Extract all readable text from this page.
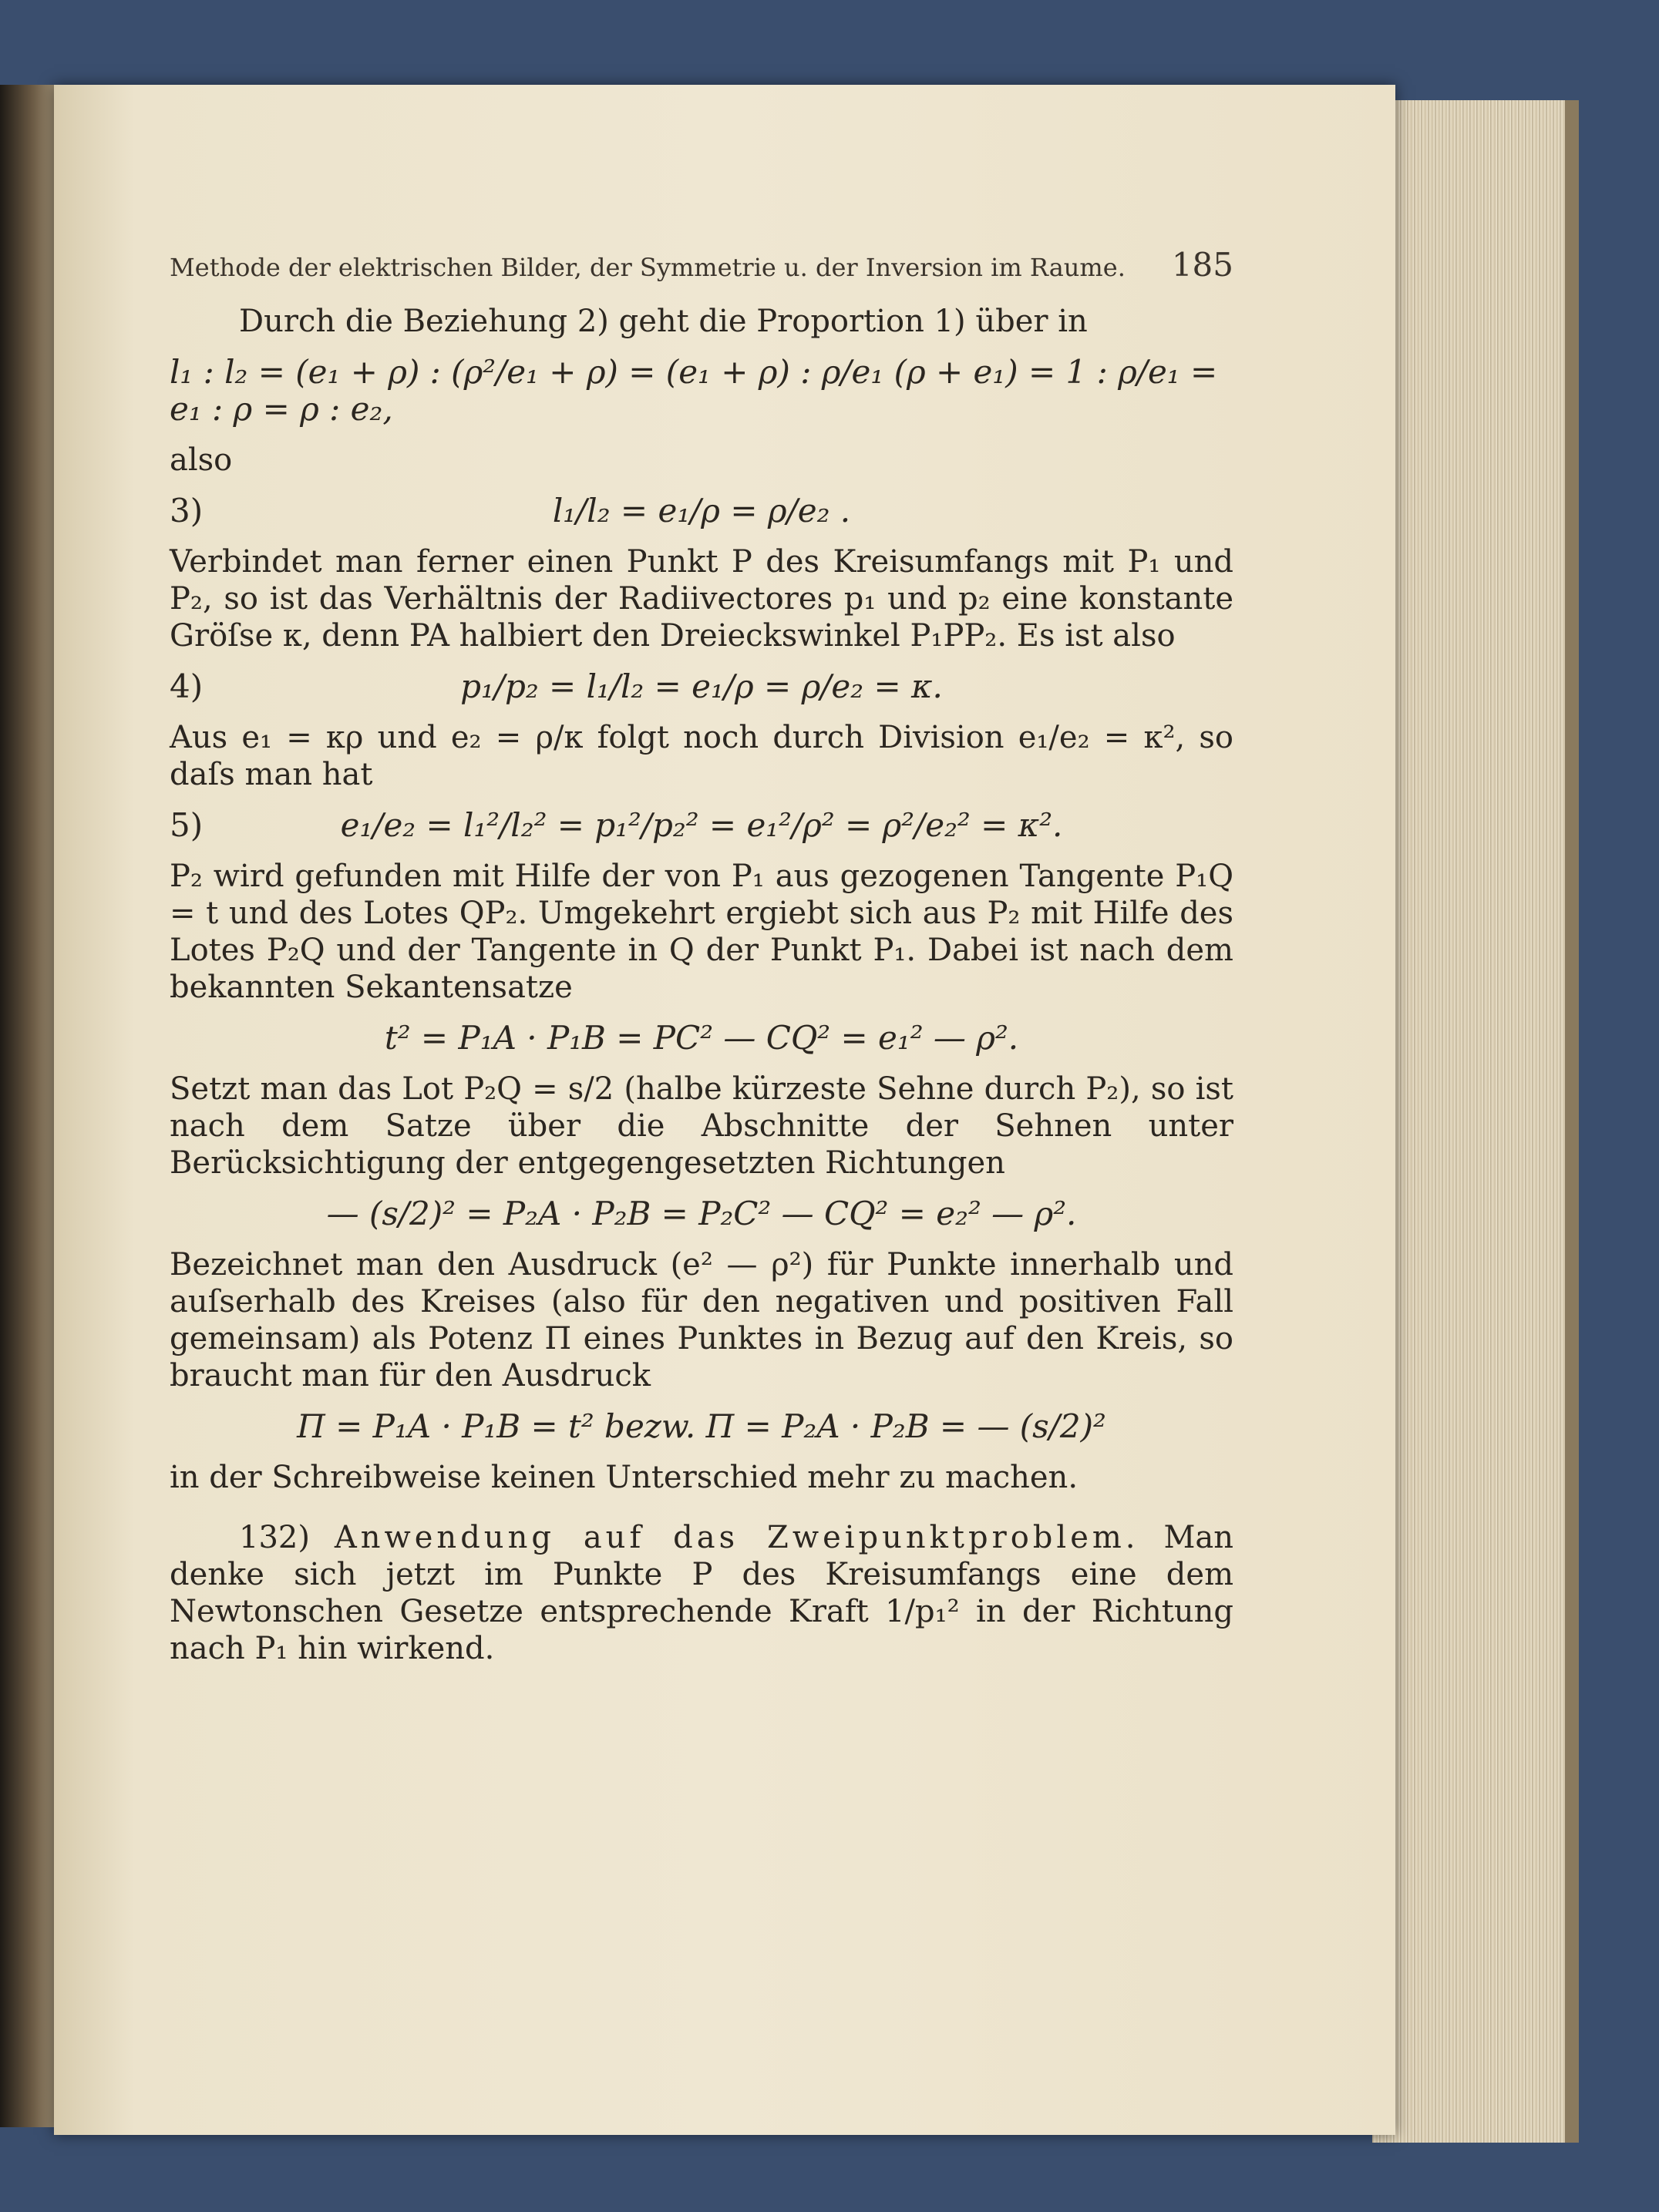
Methode der elektrischen Bilder, der Symmetrie u. der Inversion im Raume. 185

Durch die Beziehung 2) geht die Proportion 1) über in

l₁ : l₂ = (e₁ + ρ) : (ρ²/e₁ + ρ) = (e₁ + ρ) : ρ/e₁ (ρ + e₁) = 1 : ρ/e₁ = e₁ : ρ = ρ : e₂,

also

3)	l₁/l₂ = e₁/ρ = ρ/e₂ .

Verbindet man ferner einen Punkt P des Kreisumfangs mit P₁ und P₂, so ist das Verhältnis der Radiivectores p₁ und p₂ eine konstante Gröſse κ, denn PA halbiert den Dreieckswinkel P₁PP₂. Es ist also

4)	p₁/p₂ = l₁/l₂ = e₁/ρ = ρ/e₂ = κ.

Aus e₁ = κρ und e₂ = ρ/κ folgt noch durch Division e₁/e₂ = κ², so daſs man hat

5)	e₁/e₂ = l₁²/l₂² = p₁²/p₂² = e₁²/ρ² = ρ²/e₂² = κ².

P₂ wird gefunden mit Hilfe der von P₁ aus gezogenen Tangente P₁Q = t und des Lotes QP₂. Umgekehrt ergiebt sich aus P₂ mit Hilfe des Lotes P₂Q und der Tangente in Q der Punkt P₁. Dabei ist nach dem bekannten Sekantensatze

t² = P₁A · P₁B = PC² — CQ² = e₁² — ρ².

Setzt man das Lot P₂Q = s/2 (halbe kürzeste Sehne durch P₂), so ist nach dem Satze über die Abschnitte der Sehnen unter Berücksichtigung der entgegengesetzten Richtungen

— (s/2)² = P₂A · P₂B = P₂C² — CQ² = e₂² — ρ².

Bezeichnet man den Ausdruck (e² — ρ²) für Punkte innerhalb und auſserhalb des Kreises (also für den negativen und positiven Fall gemeinsam) als Potenz Π eines Punktes in Bezug auf den Kreis, so braucht man für den Ausdruck

Π = P₁A · P₁B = t² bezw. Π = P₂A · P₂B = — (s/2)²

in der Schreibweise keinen Unterschied mehr zu machen.

132) Anwendung auf das Zweipunktproblem. Man denke sich jetzt im Punkte P des Kreisumfangs eine dem Newtonschen Gesetze entsprechende Kraft 1/p₁² in der Richtung nach P₁ hin wirkend.
